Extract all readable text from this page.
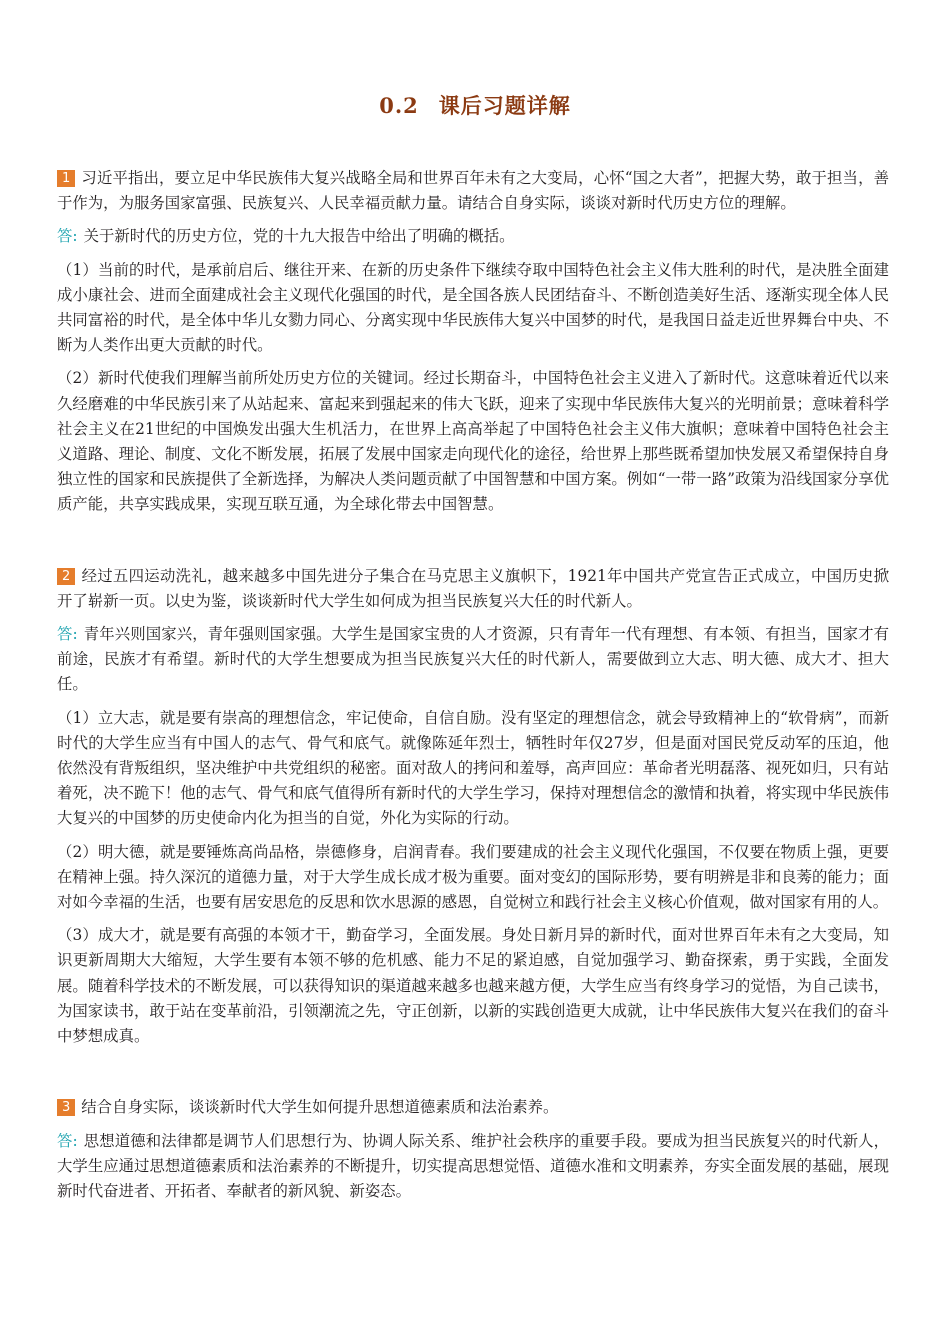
0.2 课后习题详解

1 习近平指出，要立足中华民族伟大复兴战略全局和世界百年未有之大变局，心怀“国之大者”，把握大势，敢于担当，善于作为，为服务国家富强、民族复兴、人民幸福贡献力量。请结合自身实际，谈谈对新时代历史方位的理解。

答: 关于新时代的历史方位，党的十九大报告中给出了明确的概括。

（1）当前的时代，是承前启后、继往开来、在新的历史条件下继续夺取中国特色社会主义伟大胜利的时代，是决胜全面建成小康社会、进而全面建成社会主义现代化强国的时代，是全国各族人民团结奋斗、不断创造美好生活、逐渐实现全体人民共同富裕的时代，是全体中华儿女勠力同心、分离实现中华民族伟大复兴中国梦的时代，是我国日益走近世界舞台中央、不断为人类作出更大贡献的时代。

（2）新时代使我们理解当前所处历史方位的关键词。经过长期奋斗，中国特色社会主义进入了新时代。这意味着近代以来久经磨难的中华民族引来了从站起来、富起来到强起来的伟大飞跃，迎来了实现中华民族伟大复兴的光明前景；意味着科学社会主义在21世纪的中国焕发出强大生机活力，在世界上高高举起了中国特色社会主义伟大旗帜；意味着中国特色社会主义道路、理论、制度、文化不断发展，拓展了发展中国家走向现代化的途径，给世界上那些既希望加快发展又希望保持自身独立性的国家和民族提供了全新选择，为解决人类问题贡献了中国智慧和中国方案。例如“一带一路”政策为沿线国家分享优质产能，共享实践成果，实现互联互通，为全球化带去中国智慧。

2 经过五四运动洗礼，越来越多中国先进分子集合在马克思主义旗帜下，1921年中国共产党宣告正式成立，中国历史掀开了崭新一页。以史为鉴，谈谈新时代大学生如何成为担当民族复兴大任的时代新人。

答: 青年兴则国家兴，青年强则国家强。大学生是国家宝贵的人才资源，只有青年一代有理想、有本领、有担当，国家才有前途，民族才有希望。新时代的大学生想要成为担当民族复兴大任的时代新人，需要做到立大志、明大德、成大才、担大任。

（1）立大志，就是要有崇高的理想信念，牢记使命，自信自励。没有坚定的理想信念，就会导致精神上的“软骨病”，而新时代的大学生应当有中国人的志气、骨气和底气。就像陈延年烈士，牺牲时年仅27岁，但是面对国民党反动军的压迫，他依然没有背叛组织，坚决维护中共党组织的秘密。面对敌人的拷问和羞辱，高声回应：革命者光明磊落、视死如归，只有站着死，决不跪下！他的志气、骨气和底气值得所有新时代的大学生学习，保持对理想信念的激情和执着，将实现中华民族伟大复兴的中国梦的历史使命内化为担当的自觉，外化为实际的行动。

（2）明大德，就是要锤炼高尚品格，崇德修身，启润青春。我们要建成的社会主义现代化强国，不仅要在物质上强，更要在精神上强。持久深沉的道德力量，对于大学生成长成才极为重要。面对变幻的国际形势，要有明辨是非和良莠的能力；面对如今幸福的生活，也要有居安思危的反思和饮水思源的感恩，自觉树立和践行社会主义核心价值观，做对国家有用的人。

（3）成大才，就是要有高强的本领才干，勤奋学习，全面发展。身处日新月异的新时代，面对世界百年未有之大变局，知识更新周期大大缩短，大学生要有本领不够的危机感、能力不足的紧迫感，自觉加强学习、勤奋探索，勇于实践，全面发展。随着科学技术的不断发展，可以获得知识的渠道越来越多也越来越方便，大学生应当有终身学习的觉悟，为自己读书，为国家读书，敢于站在变革前沿，引领潮流之先，守正创新，以新的实践创造更大成就，让中华民族伟大复兴在我们的奋斗中梦想成真。

3 结合自身实际，谈谈新时代大学生如何提升思想道德素质和法治素养。

答: 思想道德和法律都是调节人们思想行为、协调人际关系、维护社会秩序的重要手段。要成为担当民族复兴的时代新人，大学生应通过思想道德素质和法治素养的不断提升，切实提高思想觉悟、道德水准和文明素养，夯实全面发展的基础，展现新时代奋进者、开拓者、奉献者的新风貌、新姿态。
